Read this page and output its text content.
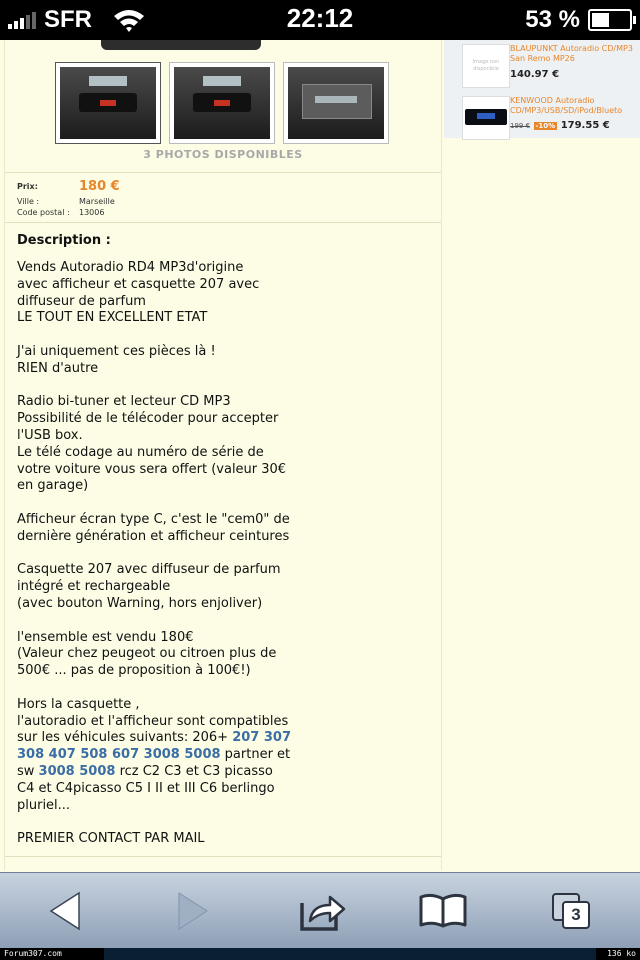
SFR	22:12	53 %
3 PHOTOS DISPONIBLES
Prix:	180 €
Ville :	Marseille
Code postal : 13006
Description :

Vends Autoradio RD4 MP3d'origine
avec afficheur et casquette 207 avec
diffuseur de parfum
LE TOUT EN EXCELLENT ETAT

J'ai uniquement ces pièces là !
RIEN d'autre

Radio bi-tuner et lecteur CD MP3
Possibilité de le télécoder pour accepter
l'USB box.
Le télé codage au numéro de série de
votre voiture vous sera offert (valeur 30€
en garage)

Afficheur écran type C, c'est le "cem0" de
dernière génération et afficheur ceintures

Casquette 207 avec diffuseur de parfum
intégré et rechargeable
(avec bouton Warning, hors enjoliver)

l'ensemble est vendu 180€
(Valeur chez peugeot ou citroen plus de
500€ ... pas de proposition à 100€!)

Hors la casquette ,
l'autoradio et l'afficheur sont compatibles
sur les véhicules suivants: 206+ 207 307
308 407 508 607 3008 5008 partner et
sw 3008 5008 rcz C2 C3 et C3 picasso
C4 et C4picasso C5 I II et III C6 berlingo
pluriel...

PREMIER CONTACT PAR MAIL

Image non disponible
BLAUPUNKT Autoradio CD/MP3 San Remo MP26
140.97 €
KENWOOD Autoradio CD/MP3/USB/SD/iPod/Blueto
199 € -10% 179.55 €
3
Forum307.com	136 ko
